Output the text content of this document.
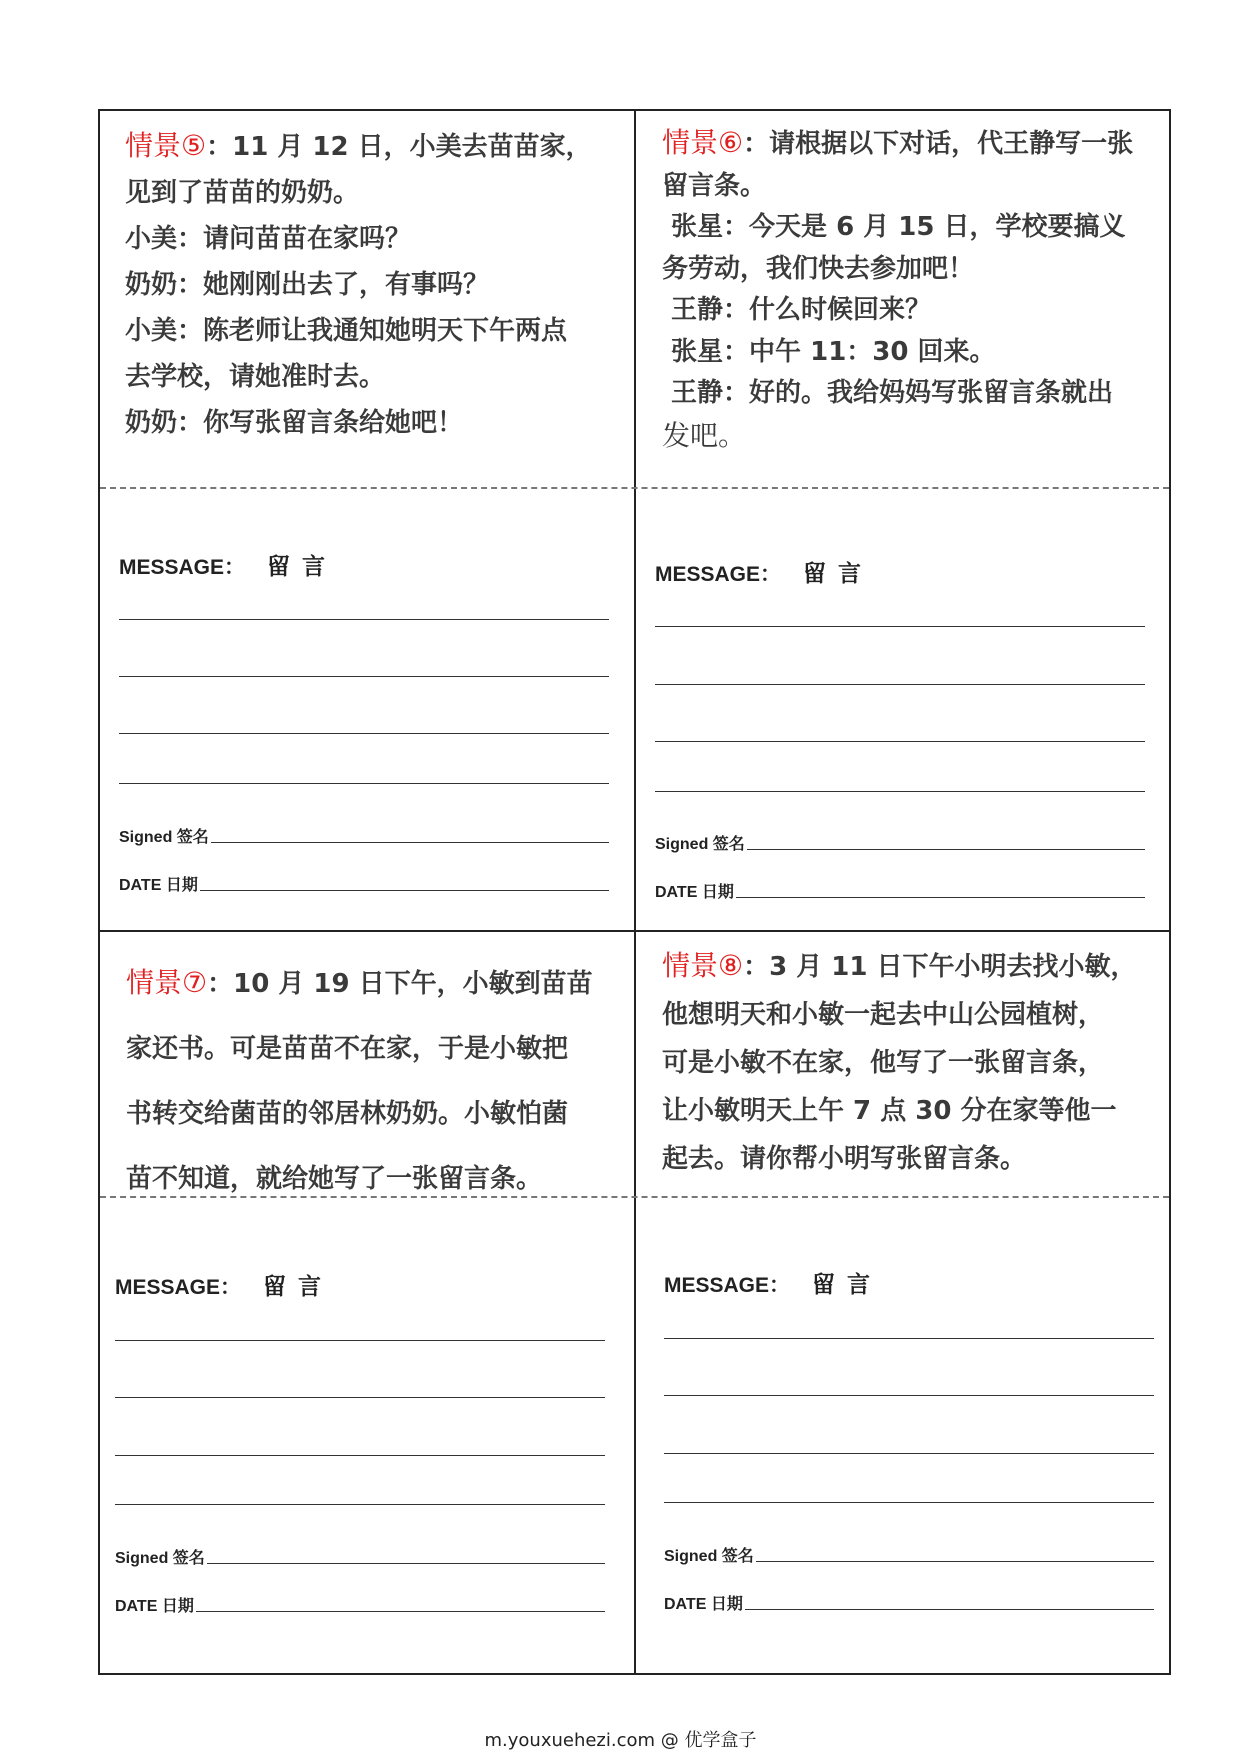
情景⑤：11 月 12 日，小美去苗苗家，

见到了苗苗的奶奶。

小美：请问苗苗在家吗？

奶奶：她刚刚出去了，有事吗？

小美：陈老师让我通知她明天下午两点

去学校，请她准时去。

奶奶：你写张留言条给她吧！

情景⑥：请根据以下对话，代王静写一张

留言条。

张星：今天是 6 月 15 日，学校要搞义

务劳动，我们快去参加吧！

王静：什么时候回来？

张星：中午 11：30 回来。

王静：好的。我给妈妈写张留言条就出

发吧。

情景⑦：10 月 19 日下午，小敏到苗苗

家还书。可是苗苗不在家，于是小敏把

书转交给菌苗的邻居林奶奶。小敏怕菌

苗不知道，就给她写了一张留言条。

情景⑧：3 月 11 日下午小明去找小敏，

他想明天和小敏一起去中山公园植树，

可是小敏不在家，他写了一张留言条，

让小敏明天上午 7 点 30 分在家等他一

起去。请你帮小明写张留言条。

MESSAGE： 留言
Signed 签名
DATE 日期
MESSAGE： 留言
Signed 签名
DATE 日期
MESSAGE： 留言
Signed 签名
DATE 日期
MESSAGE： 留言
Signed 签名
DATE 日期
m.youxuehezi.com @ 优学盒子
